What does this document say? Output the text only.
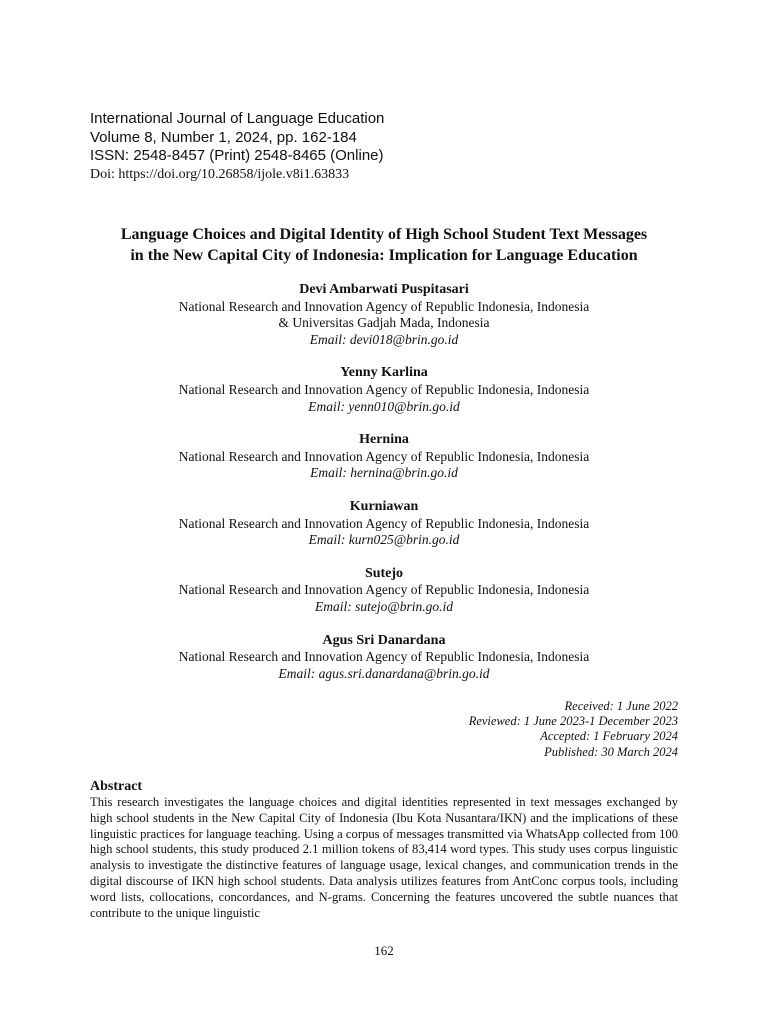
International Journal of Language Education
Volume 8, Number 1, 2024, pp. 162-184
ISSN: 2548-8457 (Print) 2548-8465 (Online)
Doi: https://doi.org/10.26858/ijole.v8i1.63833
Language Choices and Digital Identity of High School Student Text Messages
in the New Capital City of Indonesia: Implication for Language Education
Devi Ambarwati Puspitasari
National Research and Innovation Agency of Republic Indonesia, Indonesia
& Universitas Gadjah Mada, Indonesia
Email: devi018@brin.go.id
Yenny Karlina
National Research and Innovation Agency of Republic Indonesia, Indonesia
Email: yenn010@brin.go.id
Hernina
National Research and Innovation Agency of Republic Indonesia, Indonesia
Email: hernina@brin.go.id
Kurniawan
National Research and Innovation Agency of Republic Indonesia, Indonesia
Email: kurn025@brin.go.id
Sutejo
National Research and Innovation Agency of Republic Indonesia, Indonesia
Email: sutejo@brin.go.id
Agus Sri Danardana
National Research and Innovation Agency of Republic Indonesia, Indonesia
Email: agus.sri.danardana@brin.go.id
Received: 1 June 2022
Reviewed: 1 June 2023-1 December 2023
Accepted: 1 February 2024
Published: 30 March 2024
Abstract
This research investigates the language choices and digital identities represented in text messages exchanged by high school students in the New Capital City of Indonesia (Ibu Kota Nusantara/IKN) and the implications of these linguistic practices for language teaching. Using a corpus of messages transmitted via WhatsApp collected from 100 high school students, this study produced 2.1 million tokens of 83,414 word types. This study uses corpus linguistic analysis to investigate the distinctive features of language usage, lexical changes, and communication trends in the digital discourse of IKN high school students. Data analysis utilizes features from AntConc corpus tools, including word lists, collocations, concordances, and N-grams. Concerning the features uncovered the subtle nuances that contribute to the unique linguistic
162
